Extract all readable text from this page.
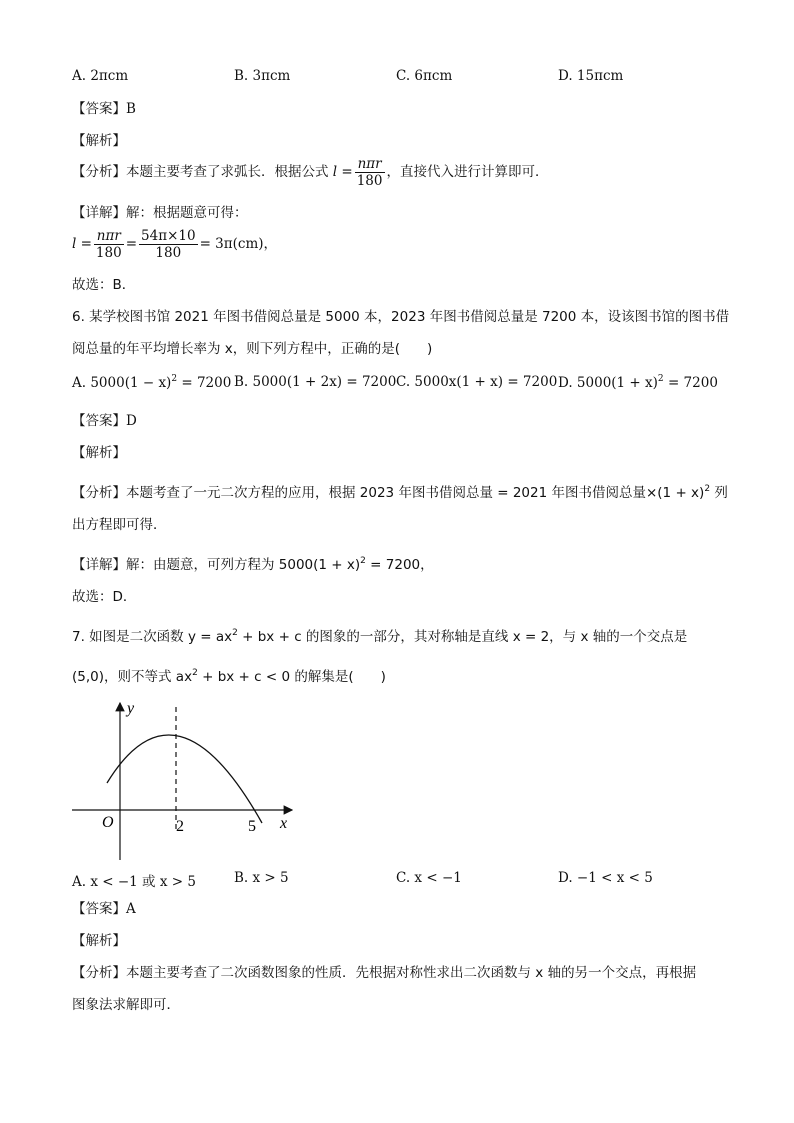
A. 2πcm	B. 3πcm	C. 6πcm	D. 15πcm
【答案】B
【解析】
【分析】本题主要考查了求弧长．根据公式 $l = \frac{\text{nπr}}{180}$ ，直接代入进行计算即可．
【详解】解：根据题意可得：
$l = \frac{\text{nπr}}{180} = \frac{54\pi\times 10}{180} = 3\pi(cm)$，
故选：B．
6. 某学校图书馆 2021 年图书借阅总量是 5000 本，2023 年图书借阅总量是 7200 本，设该图书馆的图书借
阅总量的年平均增长率为 x，则下列方程中，正确的是(　　)
A. $5000(1 - x)^2 = 7200$ B. 5000(1 + 2x) = 7200 C. 5000x(1 + x) = 7200 D. $5000(1 + x)^2 = 7200$
【答案】D
【解析】
【分析】本题考查了一元二次方程的应用，根据 2023 年图书借阅总量 = 2021 年图书借阅总量$\times(1 + x)^2$ 列
出方程即可得．
【详解】解：由题意，可列方程为 $5000(1 + x)^2 = 7200$，
故选：D．
7. 如图是二次函数 $y = ax^2$ + bx + c 的图象的一部分，其对称轴是直线 x = 2，与 x 轴的一个交点是
(5,0)，则不等式 $ax^2$ + bx + c < 0 的解集是(　　)
y
x
O	2	5
A. x < −1 或 x > 5	B. x > 5	C. x < −1	D. −1 < x < 5
【答案】A
【解析】
【分析】本题主要考查了二次函数图象的性质．先根据对称性求出二次函数与 x 轴的另一个交点，再根据
图象法求解即可．
